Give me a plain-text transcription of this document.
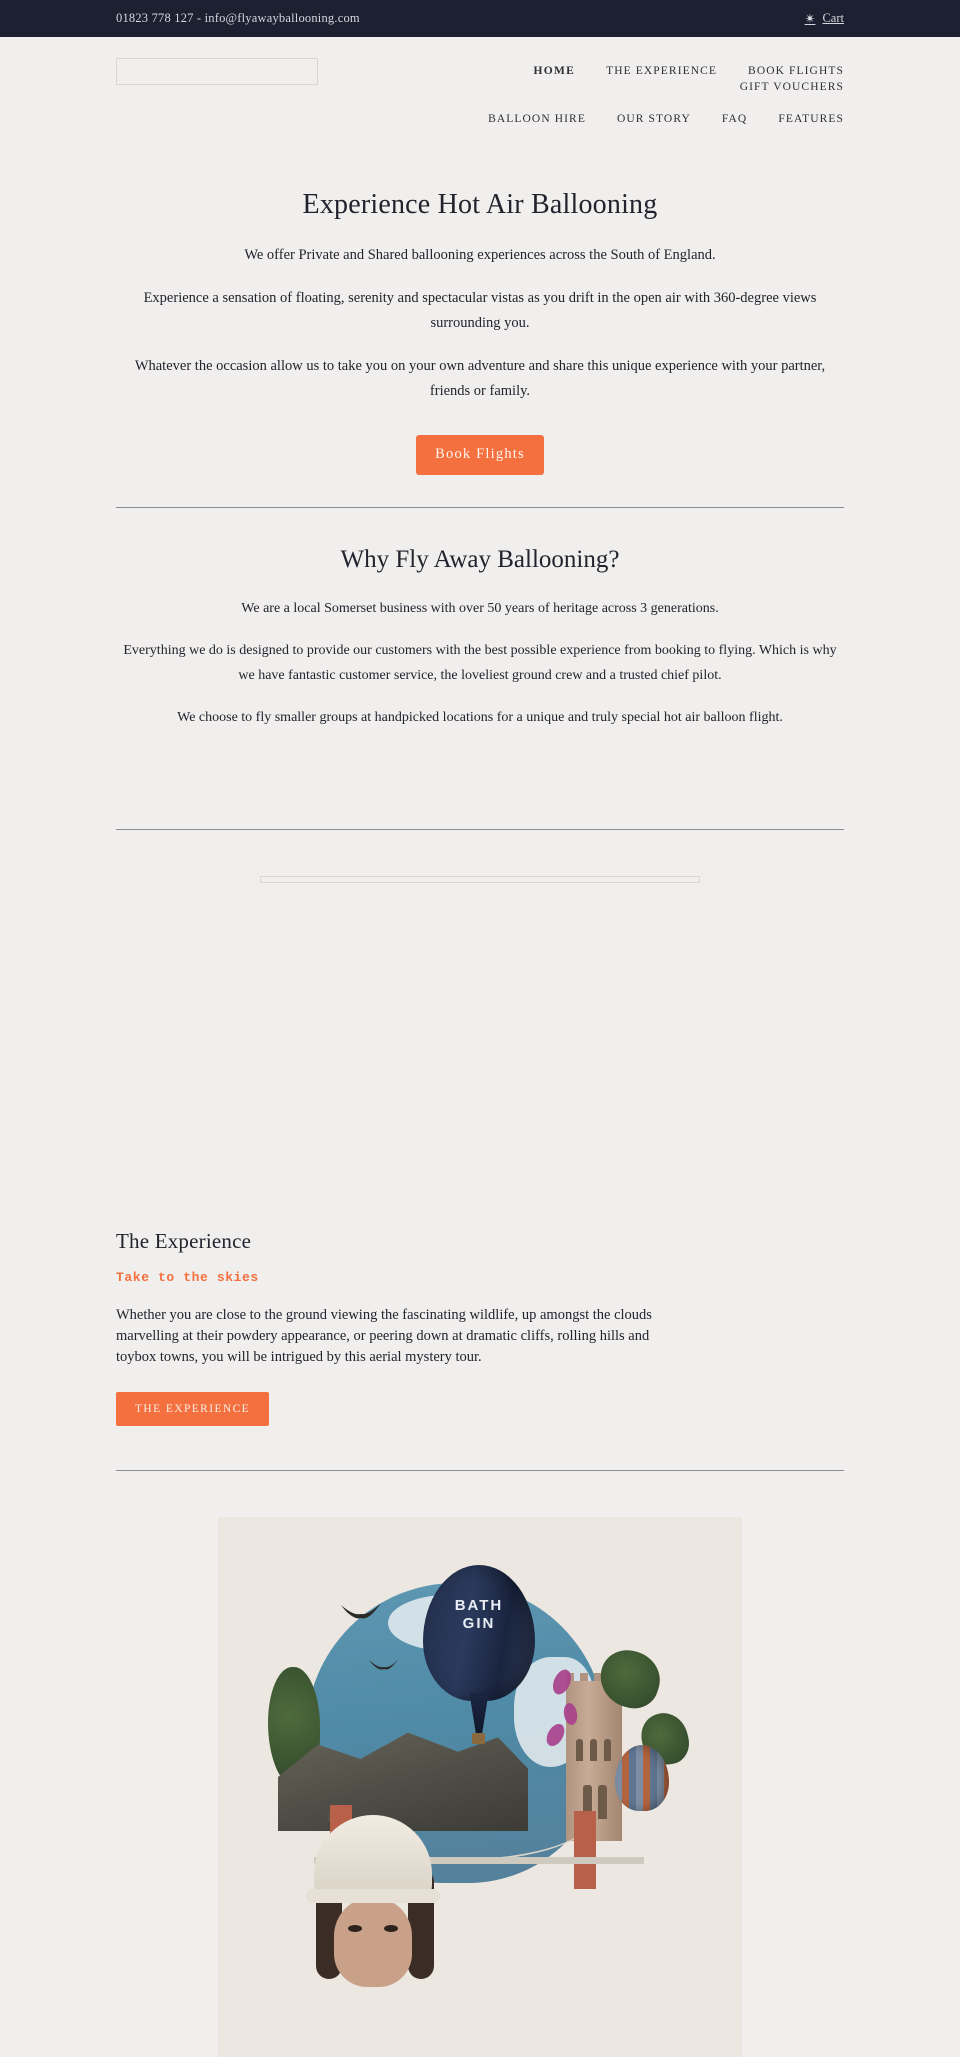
01823 778 127 - info@flyawayballooning.com	✴ Cart
HOME	THE EXPERIENCE	BOOK FLIGHTS GIFT VOUCHERS
BALLOON HIRE	OUR STORY	FAQ	FEATURES
Experience Hot Air Ballooning

We offer Private and Shared ballooning experiences across the South of England.

Experience a sensation of floating, serenity and spectacular vistas as you drift in the open air with 360-degree views surrounding you.

Whatever the occasion allow us to take you on your own adventure and share this unique experience with your partner, friends or family.

Book Flights
Why Fly Away Ballooning?

We are a local Somerset business with over 50 years of heritage across 3 generations.

Everything we do is designed to provide our customers with the best possible experience from booking to flying. Which is why we have fantastic customer service, the loveliest ground crew and a trusted chief pilot.

We choose to fly smaller groups at handpicked locations for a unique and truly special hot air balloon flight.

The Experience

Take to the skies

Whether you are close to the ground viewing the fascinating wildlife, up amongst the clouds marvelling at their powdery appearance, or peering down at dramatic cliffs, rolling hills and toybox towns, you will be intrigued by this aerial mystery tour.

THE EXPERIENCE
BATH
GIN
